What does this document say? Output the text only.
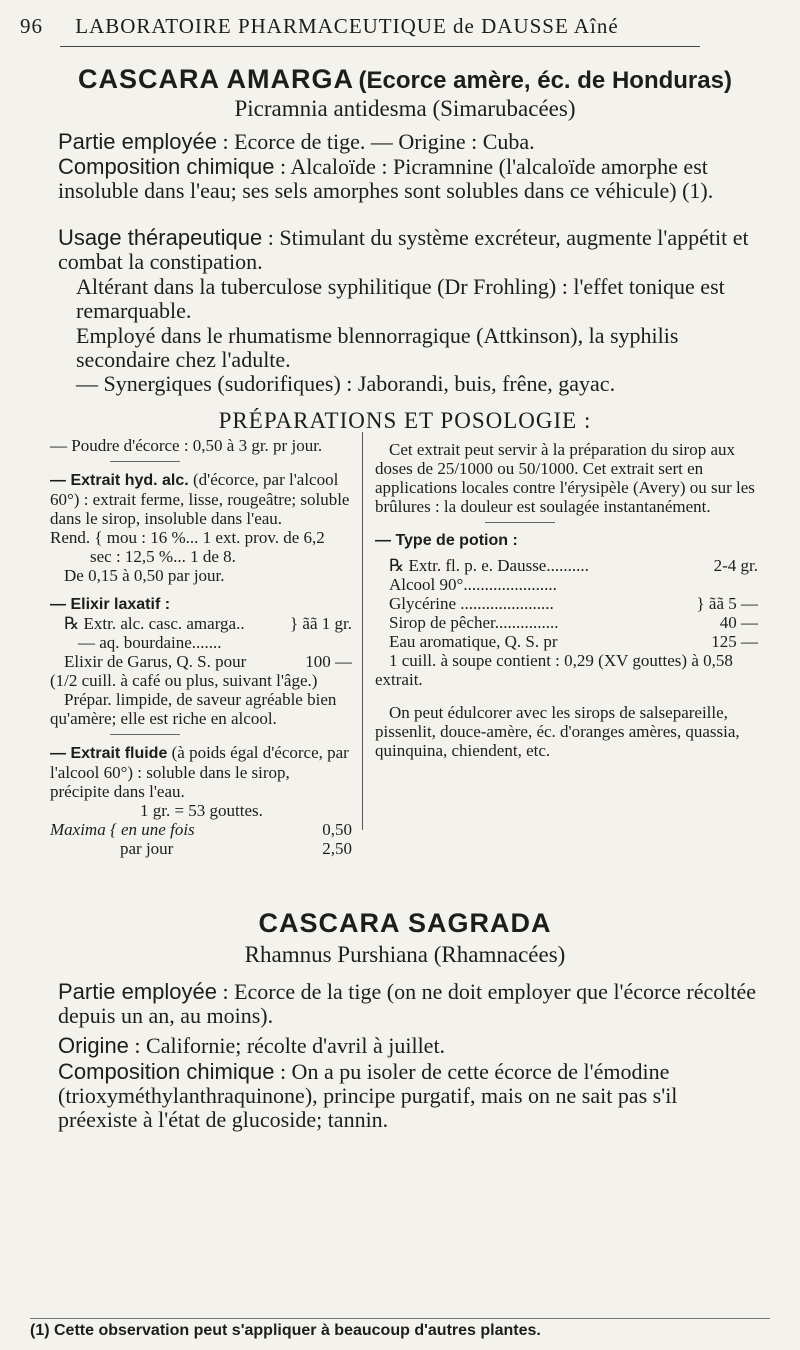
96 LABORATOIRE PHARMACEUTIQUE de DAUSSE Aîné
CASCARA AMARGA (Ecorce amère, éc. de Honduras)
Picramnia antidesma (Simarubacées)

Partie employée : Ecorce de tige. — Origine : Cuba.

Composition chimique : Alcaloïde : Picramnine (l'alcaloïde amorphe est insoluble dans l'eau; ses sels amorphes sont solubles dans ce véhicule) (1).

Usage thérapeutique : Stimulant du système excréteur, augmente l'appétit et combat la constipation.

Altérant dans la tuberculose syphilitique (Dr Frohling) : l'effet tonique est remarquable.

Employé dans le rhumatisme blennorragique (Attkinson), la syphilis secondaire chez l'adulte.

— Synergiques (sudorifiques) : Jaborandi, buis, frêne, gayac.

PRÉPARATIONS ET POSOLOGIE :

— Poudre d'écorce : 0,50 à 3 gr. pr jour.

— Extrait hyd. alc. (d'écorce, par l'alcool 60°) : extrait ferme, lisse, rougeâtre; soluble dans le sirop, insoluble dans l'eau.

Rend. { mou : 16 %... 1 ext. prov. de 6,2

sec : 12,5 %... 1 de 8.

De 0,15 à 0,50 par jour.

— Elixir laxatif :

℞ Extr. alc. casc. amarga..	} ãã 1 gr.

— aq. bourdaine.......

Elixir de Garus, Q. S. pour	100 —

(1/2 cuill. à café ou plus, suivant l'âge.)

Prépar. limpide, de saveur agréable bien qu'amère; elle est riche en alcool.

— Extrait fluide (à poids égal d'écorce, par l'alcool 60°) : soluble dans le sirop, précipite dans l'eau.

1 gr. = 53 gouttes.

Maxima { en une fois	0,50
par jour	2,50

Cet extrait peut servir à la préparation du sirop aux doses de 25/1000 ou 50/1000. Cet extrait sert en applications locales contre l'érysipèle (Avery) ou sur les brûlures : la douleur est soulagée instantanément.

— Type de potion :

℞ Extr. fl. p. e. Dausse..........	2-4 gr.

Alcool 90°......................

Glycérine ......................	} ãã 5 —
Sirop de pêcher...............	40 —
Eau aromatique, Q. S. pr	125 —

1 cuill. à soupe contient : 0,29 (XV gouttes) à 0,58 extrait.

On peut édulcorer avec les sirops de salsepareille, pissenlit, douce-amère, éc. d'oranges amères, quassia, quinquina, chiendent, etc.

CASCARA SAGRADA
Rhamnus Purshiana (Rhamnacées)

Partie employée : Ecorce de la tige (on ne doit employer que l'écorce récoltée depuis un an, au moins).

Origine : Californie; récolte d'avril à juillet.

Composition chimique : On a pu isoler de cette écorce de l'émodine (trioxyméthylanthraquinone), principe purgatif, mais on ne sait pas s'il préexiste à l'état de glucoside; tannin.

(1) Cette observation peut s'appliquer à beaucoup d'autres plantes.
